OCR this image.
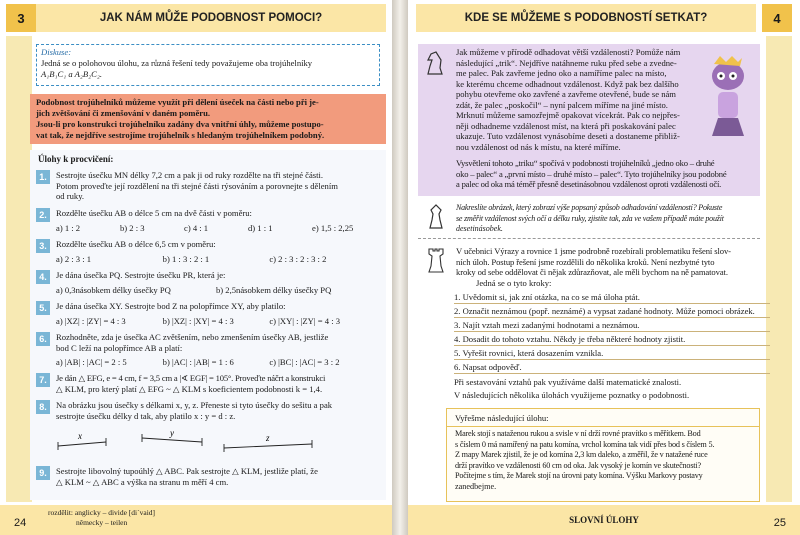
3	JAK NÁM MŮŽE PODOBNOST POMOCI?
Diskuse:
Jedná se o polohovou úlohu, za různá řešení tedy považujeme oba trojúhelníky
A₁B₁C₁ a A₂B₂C₂.
Podobnost trojúhelníků můžeme využít při dělení úseček na části nebo při je-
jich zvětšování či zmenšování v daném poměru.
Jsou-li pro konstrukci trojúhelníku zadány dva vnitřní úhly, můžeme postupo-
vat tak, že nejdříve sestrojíme trojúhelník s hledaným trojúhelníkem podobný.
Úlohy k procvičení:
1.	Sestrojte úsečku MN délky 7,2 cm a pak ji od ruky rozdělte na tři stejné části.
Potom proveďte její rozdělení na tři stejné části rýsováním a porovnejte s dělením
od ruky.
2.	Rozdělte úsečku AB o délce 5 cm na dvě části v poměru:
a) 1 : 2	b) 2 : 3	c) 4 : 1	d) 1 : 1	e) 1,5 : 2,25
3.	Rozdělte úsečku AB o délce 6,5 cm v poměru:
a) 2 : 3 : 1	b) 1 : 3 : 2 : 1	c) 2 : 3 : 2 : 3 : 2
4.	Je dána úsečka PQ. Sestrojte úsečku PR, která je:
a) 0,3násobkem délky úsečky PQ	b) 2,5násobkem délky úsečky PQ
5.	Je dána úsečka XY. Sestrojte bod Z na polopřímce XY, aby platilo:
a) |XZ| : |ZY| = 4 : 3	b) |XZ| : |XY| = 4 : 3	c) |XY| : |ZY| = 4 : 3
6.	Rozhodněte, zda je úsečka AC zvětšením, nebo zmenšením úsečky AB, jestliže
bod C leží na polopřímce AB a platí:
a) |AB| : |AC| = 2 : 5	b) |AC| : |AB| = 1 : 6	c) |BC| : |AC| = 3 : 2
7.	Je dán △ EFG, e = 4 cm, f = 3,5 cm a |∢ EGF| = 105°. Proveďte náčrt a konstrukci
△ KLM, pro který platí △ EFG ~ △ KLM s koeficientem podobnosti k = 1,4.
8.	Na obrázku jsou úsečky s délkami x, y, z. Přeneste si tyto úsečky do sešitu a pak
sestrojte úsečku délky d tak, aby platilo x : y = d : z.
x	y	z
9.	Sestrojte libovolný tupoúhlý △ ABC. Pak sestrojte △ KLM, jestliže platí, že
△ KLM ~ △ ABC a výška na stranu m měří 4 cm.
rozdělit: anglicky – divide [di´vaid]
německy – teilen
24
KDE SE MŮŽEME S PODOBNOSTÍ SETKAT?	4
Jak můžeme v přírodě odhadovat větší vzdálenosti? Pomůže nám
následující „trik“. Nejdříve natáhneme ruku před sebe a zvedne-
me palec. Pak zavřeme jedno oko a namíříme palec na místo,
ke kterému chceme odhadnout vzdálenost. Když pak bez dalšího
pohybu otevřeme oko zavřené a zavřeme otevřené, bude se nám
zdát, že palec „poskočil“ – nyní palcem míříme na jiné místo.
Mrknutí můžeme samozřejmě opakovat vícekrát. Pak co nejpřes-
něji odhadneme vzdálenost míst, na která při poskakování palec
ukazuje. Tuto vzdálenost vynásobíme deseti a dostaneme přibliž-
nou vzdálenost od nás k místu, na které míříme.
Vysvětlení tohoto „triku“ spočívá v podobnosti trojúhelníků „jedno oko – druhé
oko – palec“ a „první místo – druhé místo – palec“. Tyto trojúhelníky jsou podobné
a palec od oka má téměř přesně desetinásobnou vzdálenost oproti vzdálenosti očí.
Nakreslíte obrázek, který zobrazí výše popsaný způsob odhadování vzdáleností? Pokuste
se změřit vzdálenost svých očí a délku ruky, zjistíte tak, zda ve vašem případě máte použít
desetinásobek.
V učebnici Výrazy a rovnice 1 jsme podrobně rozebírali problematiku řešení slov-
ních úloh. Postup řešení jsme rozdělili do několika kroků. Není nezbytné tyto
kroky od sebe oddělovat či nějak zdůrazňovat, ale měli bychom na ně pamatovat.
Jedná se o tyto kroky:
1. Uvědomit si, jak zní otázka, na co se má úloha ptát.
2. Označit neznámou (popř. neznámé) a vypsat zadané hodnoty. Může pomoci obrázek.
3. Najít vztah mezi zadanými hodnotami a neznámou.
4. Dosadit do tohoto vztahu. Někdy je třeba některé hodnoty zjistit.
5. Vyřešit rovnici, která dosazením vznikla.
6. Napsat odpověď.
Při sestavování vztahů pak využíváme další matematické znalosti.
V následujících několika úlohách využijeme poznatky o podobnosti.
Vyřešme následující úlohu:
Marek stojí s nataženou rukou a svisle v ní drží rovné pravítko s měřítkem. Bod
s číslem 0 má namířený na patu komína, vrchol komína tak vidí přes bod s číslem 5.
Z mapy Marek zjistil, že je od komína 2,3 km daleko, a změřil, že v natažené ruce
drží pravítko ve vzdálenosti 60 cm od oka. Jak vysoký je komín ve skutečnosti?
Počítejme s tím, že Marek stojí na úrovni paty komína. Výšku Markovy postavy
zanedbejme.
SLOVNÍ ÚLOHY	25
